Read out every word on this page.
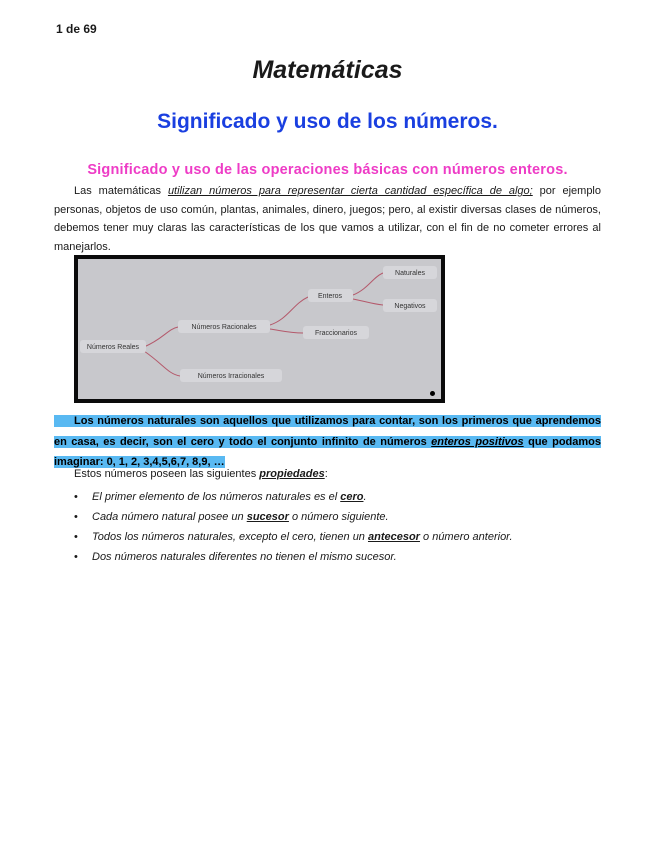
1 de 69
Matemáticas
Significado y uso de los números.
Significado y uso de las operaciones básicas con números enteros.

Las matemáticas utilizan números para representar cierta cantidad específica de algo; por ejemplo personas, objetos de uso común, plantas, animales, dinero, juegos; pero, al existir diversas clases de números, debemos tener muy claras las características de los que vamos a utilizar, con el fin de no cometer errores al manejarlos.

Números Reales
Números Racionales
Números Irracionales
Enteros
Fraccionarios
Naturales
Negativos

Los números naturales son aquellos que utilizamos para contar, son los primeros que aprendemos en casa, es decir, son el cero y todo el conjunto infinito de números enteros positivos que podamos imaginar: 0, 1, 2, 3,4,5,6,7, 8,9, …

Estos números poseen las siguientes propiedades:

• El primer elemento de los números naturales es el cero.
• Cada número natural posee un sucesor o número siguiente.
• Todos los números naturales, excepto el cero, tienen un antecesor o número anterior.
• Dos números naturales diferentes no tienen el mismo sucesor.
